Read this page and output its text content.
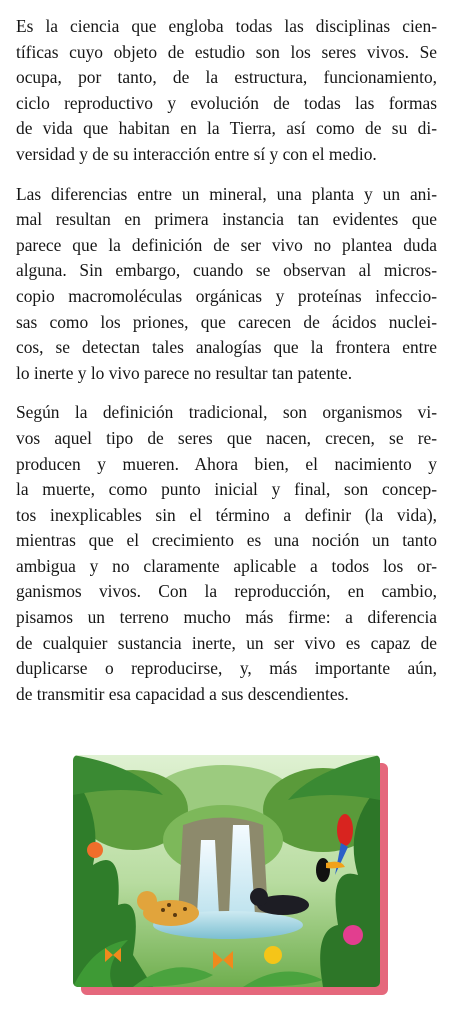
Es la ciencia que engloba todas las disciplinas cien-
tíficas cuyo objeto de estudio son los seres vivos. Se
ocupa, por tanto, de la estructura, funcionamiento,
ciclo reproductivo y evolución de todas las formas
de vida que habitan en la Tierra, así como de su di-
versidad y de su interacción entre sí y con el medio.

Las diferencias entre un mineral, una planta y un ani-
mal resultan en primera instancia tan evidentes que
parece que la definición de ser vivo no plantea duda
alguna. Sin embargo, cuando se observan al micros-
copio macromoléculas orgánicas y proteínas infeccio-
sas como los priones, que carecen de ácidos nuclei-
cos, se detectan tales analogías que la frontera entre
lo inerte y lo vivo parece no resultar tan patente.

Según la definición tradicional, son organismos vi-
vos aquel tipo de seres que nacen, crecen, se re-
producen y mueren. Ahora bien, el nacimiento y
la muerte, como punto inicial y final, son concep-
tos inexplicables sin el término a definir (la vida),
mientras que el crecimiento es una noción un tanto
ambigua y no claramente aplicable a todos los or-
ganismos vivos. Con la reproducción, en cambio,
pisamos un terreno mucho más firme: a diferencia
de cualquier sustancia inerte, un ser vivo es capaz de
duplicarse o reproducirse, y, más importante aún,
de transmitir esa capacidad a sus descendientes.
